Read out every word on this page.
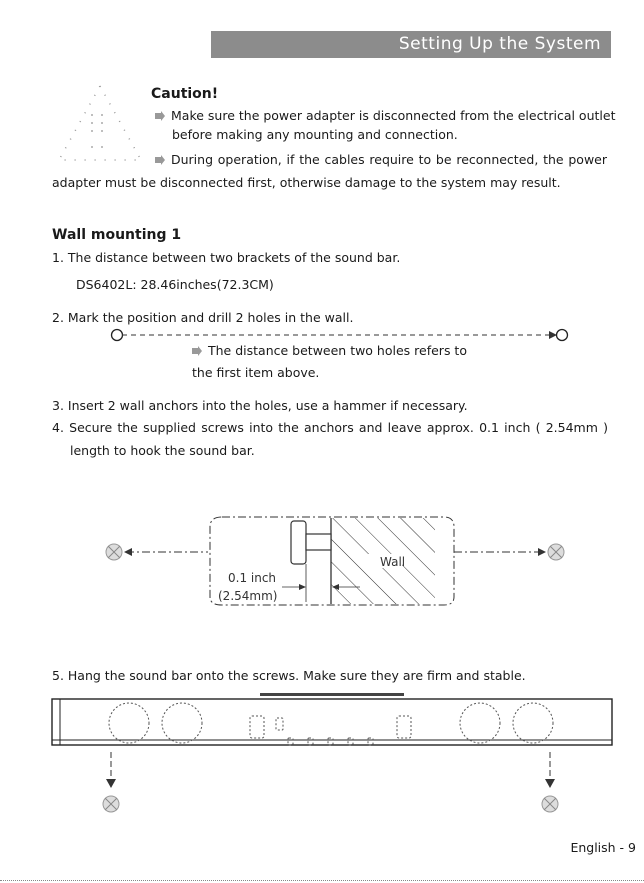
Setting Up the System
Caution!
Make sure the power adapter is disconnected from the electrical outlet
before making any mounting and connection.
During operation, if the cables require to be reconnected, the power
adapter must be disconnected first, otherwise damage to the system may result.
Wall mounting 1
1. The distance between two brackets of the sound bar.
DS6402L: 28.46inches(72.3CM)
2. Mark the position and drill 2 holes in the wall.
The distance between two holes refers to
the first item above.
3. Insert 2 wall anchors into the holes, use a hammer if necessary.
4. Secure the supplied screws into the anchors and leave approx. 0.1 inch ( 2.54mm )
length to hook the sound bar.
Wall
0.1 inch
(2.54mm)
5. Hang the sound bar onto the screws. Make sure they are firm and stable.
English - 9
